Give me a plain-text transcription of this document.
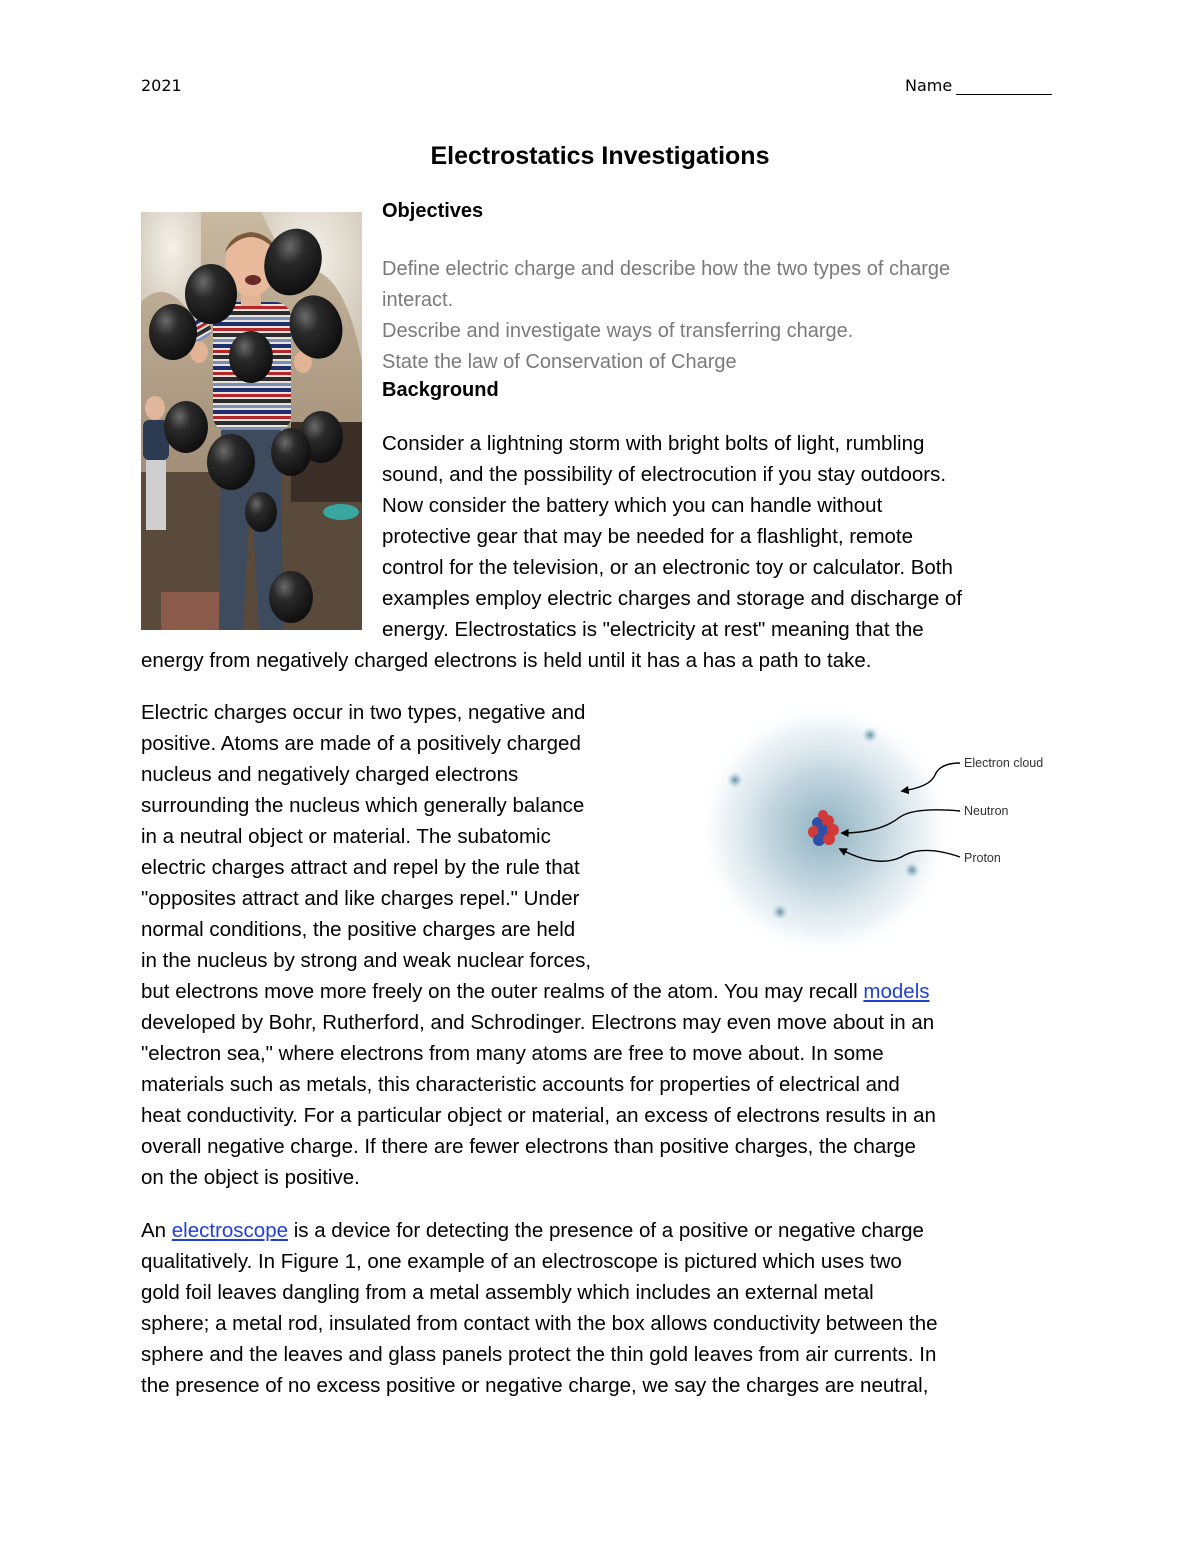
2021	Name
Electrostatics Investigations
Objectives
Define electric charge and describe how the two types of charge
interact.
Describe and investigate ways of transferring charge.
State the law of Conservation of Charge
Background
Consider a lightning storm with bright bolts of light, rumbling
sound, and the possibility of electrocution if you stay outdoors.
Now consider the battery which you can handle without
protective gear that may be needed for a flashlight, remote
control for the television, or an electronic toy or calculator. Both
examples employ electric charges and storage and discharge of
energy. Electrostatics is "electricity at rest" meaning that the
energy from negatively charged electrons is held until it has a has a path to take.
Electric charges occur in two types, negative and
positive. Atoms are made of a positively charged
nucleus and negatively charged electrons
surrounding the nucleus which generally balance
in a neutral object or material. The subatomic
electric charges attract and repel by the rule that
"opposites attract and like charges repel." Under
normal conditions, the positive charges are held
in the nucleus by strong and weak nuclear forces,
but electrons move more freely on the outer realms of the atom. You may recall models
developed by Bohr, Rutherford, and Schrodinger. Electrons may even move about in an
"electron sea," where electrons from many atoms are free to move about. In some
materials such as metals, this characteristic accounts for properties of electrical and
heat conductivity. For a particular object or material, an excess of electrons results in an
overall negative charge. If there are fewer electrons than positive charges, the charge
on the object is positive.
Electron cloud
Neutron
Proton
An electroscope is a device for detecting the presence of a positive or negative charge
qualitatively. In Figure 1, one example of an electroscope is pictured which uses two
gold foil leaves dangling from a metal assembly which includes an external metal
sphere; a metal rod, insulated from contact with the box allows conductivity between the
sphere and the leaves and glass panels protect the thin gold leaves from air currents. In
the presence of no excess positive or negative charge, we say the charges are neutral,
